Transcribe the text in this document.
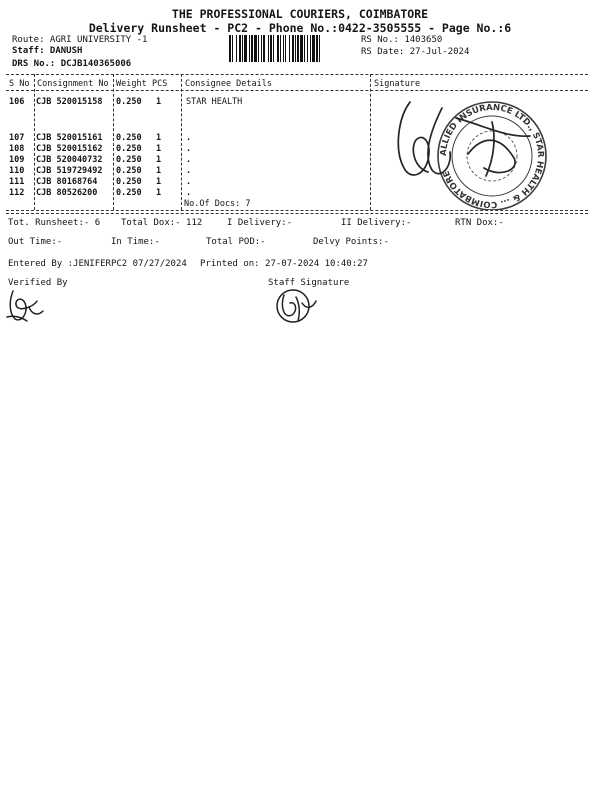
THE PROFESSIONAL COURIERS, COIMBATORE
Delivery Runsheet - PC2 - Phone No.:0422-3505555 - Page No.:6
Route: AGRI UNIVERSITY -1
Staff: DANUSH
DRS No.: DCJB140365006
RS No.: 1403650
RS Date: 27-Jul-2024
S No Consignment No Weight PCS Consignee Details	Signature
106 CJB 520015158 0.250 1	STAR HEALTH
107 CJB 520015161 0.250 1	.
108 CJB 520015162 0.250 1	.
109 CJB 520040732 0.250 1	.
110 CJB 519729492 0.250 1	.
111 CJB 80168764 0.250 1	.
112 CJB 80526200 0.250 1	.
No.Of Docs: 7
ALLIED INSURANCE LTD., STAR HEALTH & ... COIMBATORE
Tot. Runsheet:- 6 Total Dox:- 112	I Delivery:-	II Delivery:-	RTN Dox:-
Out Time:-	In Time:-	Total POD:-	Delvy Points:-
Entered By :JENIFERPC2 07/27/2024 Printed on: 27-07-2024 10:40:27
Verified By	Staff Signature
